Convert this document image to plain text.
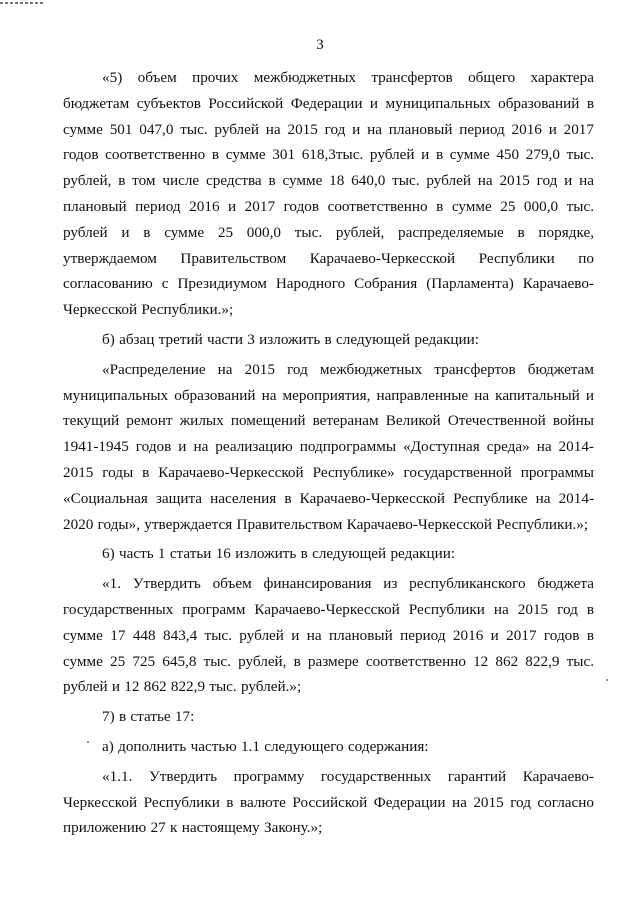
3

«5) объем прочих межбюджетных трансфертов общего характера бюджетам субъектов Российской Федерации и муниципальных образований в сумме 501 047,0 тыс. рублей на 2015 год и на плановый период 2016 и 2017 годов соответственно в сумме 301 618,3тыс. рублей и в сумме 450 279,0 тыс. рублей, в том числе средства в сумме 18 640,0 тыс. рублей на 2015 год и на плановый период 2016 и 2017 годов соответственно в сумме 25 000,0 тыс. рублей и в сумме 25 000,0 тыс. рублей, распределяемые в порядке, утверждаемом Правительством Карачаево-Черкесской Республики по согласованию с Президиумом Народного Собрания (Парламента) Карачаево-Черкесской Республики.»;

б) абзац третий части 3 изложить в следующей редакции:

«Распределение на 2015 год межбюджетных трансфертов бюджетам муниципальных образований на мероприятия, направленные на капитальный и текущий ремонт жилых помещений ветеранам Великой Отечественной войны 1941-1945 годов и на реализацию подпрограммы «Доступная среда» на 2014-2015 годы в Карачаево-Черкесской Республике» государственной программы «Социальная защита населения в Карачаево-Черкесской Республике на 2014-2020 годы», утверждается Правительством Карачаево-Черкесской Республики.»;

6) часть 1 статьи 16 изложить в следующей редакции:

«1. Утвердить объем финансирования из республиканского бюджета государственных программ Карачаево-Черкесской Республики на 2015 год в сумме 17 448 843,4 тыс. рублей и на плановый период 2016 и 2017 годов в сумме 25 725 645,8 тыс. рублей, в размере соответственно 12 862 822,9 тыс. рублей и 12 862 822,9 тыс. рублей.»;

7) в статье 17:

а) дополнить частью 1.1 следующего содержания:

«1.1. Утвердить программу государственных гарантий Карачаево-Черкесской Республики в валюте Российской Федерации на 2015 год согласно приложению 27 к настоящему Закону.»;
